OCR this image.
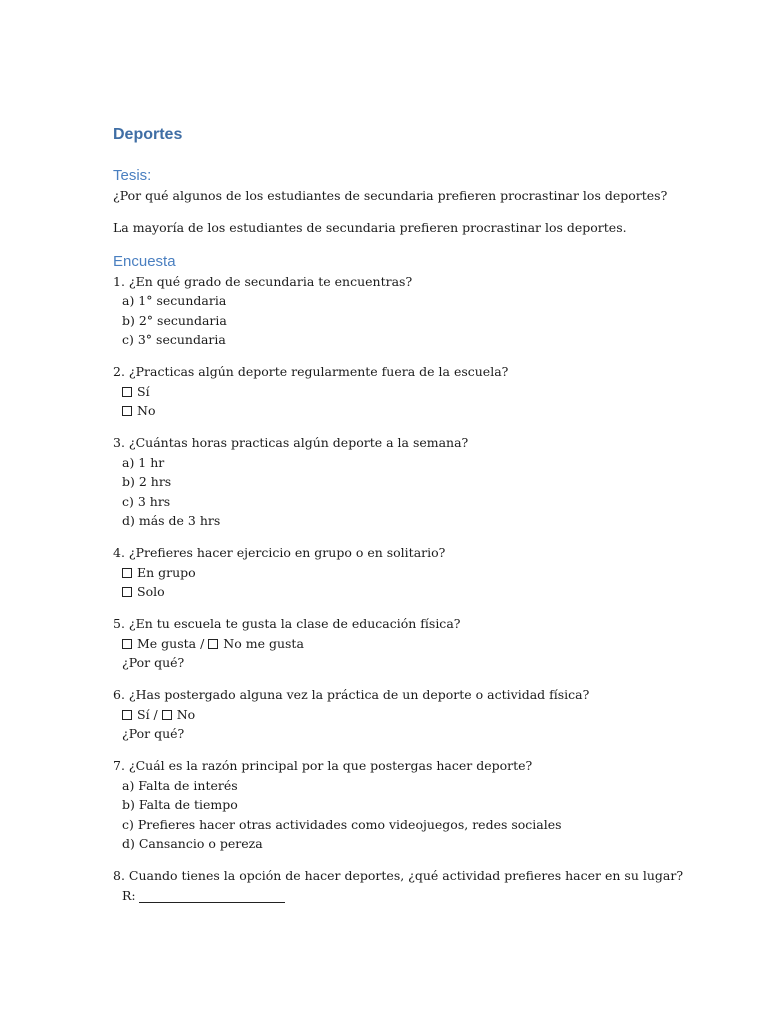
Deportes
Tesis:
¿Por qué algunos de los estudiantes de secundaria prefieren procrastinar los deportes?
La mayoría de los estudiantes de secundaria prefieren procrastinar los deportes.
Encuesta
1. ¿En qué grado de secundaria te encuentras?
a) 1° secundaria
b) 2° secundaria
c) 3° secundaria
2. ¿Practicas algún deporte regularmente fuera de la escuela?
Sí
No
3. ¿Cuántas horas practicas algún deporte a la semana?
a) 1 hr
b) 2 hrs
c) 3 hrs
d) más de 3 hrs
4. ¿Prefieres hacer ejercicio en grupo o en solitario?
En grupo
Solo
5. ¿En tu escuela te gusta la clase de educación física?
Me gusta / No me gusta
¿Por qué?
6. ¿Has postergado alguna vez la práctica de un deporte o actividad física?
Sí / No
¿Por qué?
7. ¿Cuál es la razón principal por la que postergas hacer deporte?
a) Falta de interés
b) Falta de tiempo
c) Prefieres hacer otras actividades como videojuegos, redes sociales
d) Cansancio o pereza
8. Cuando tienes la opción de hacer deportes, ¿qué actividad prefieres hacer en su lugar?
R:
